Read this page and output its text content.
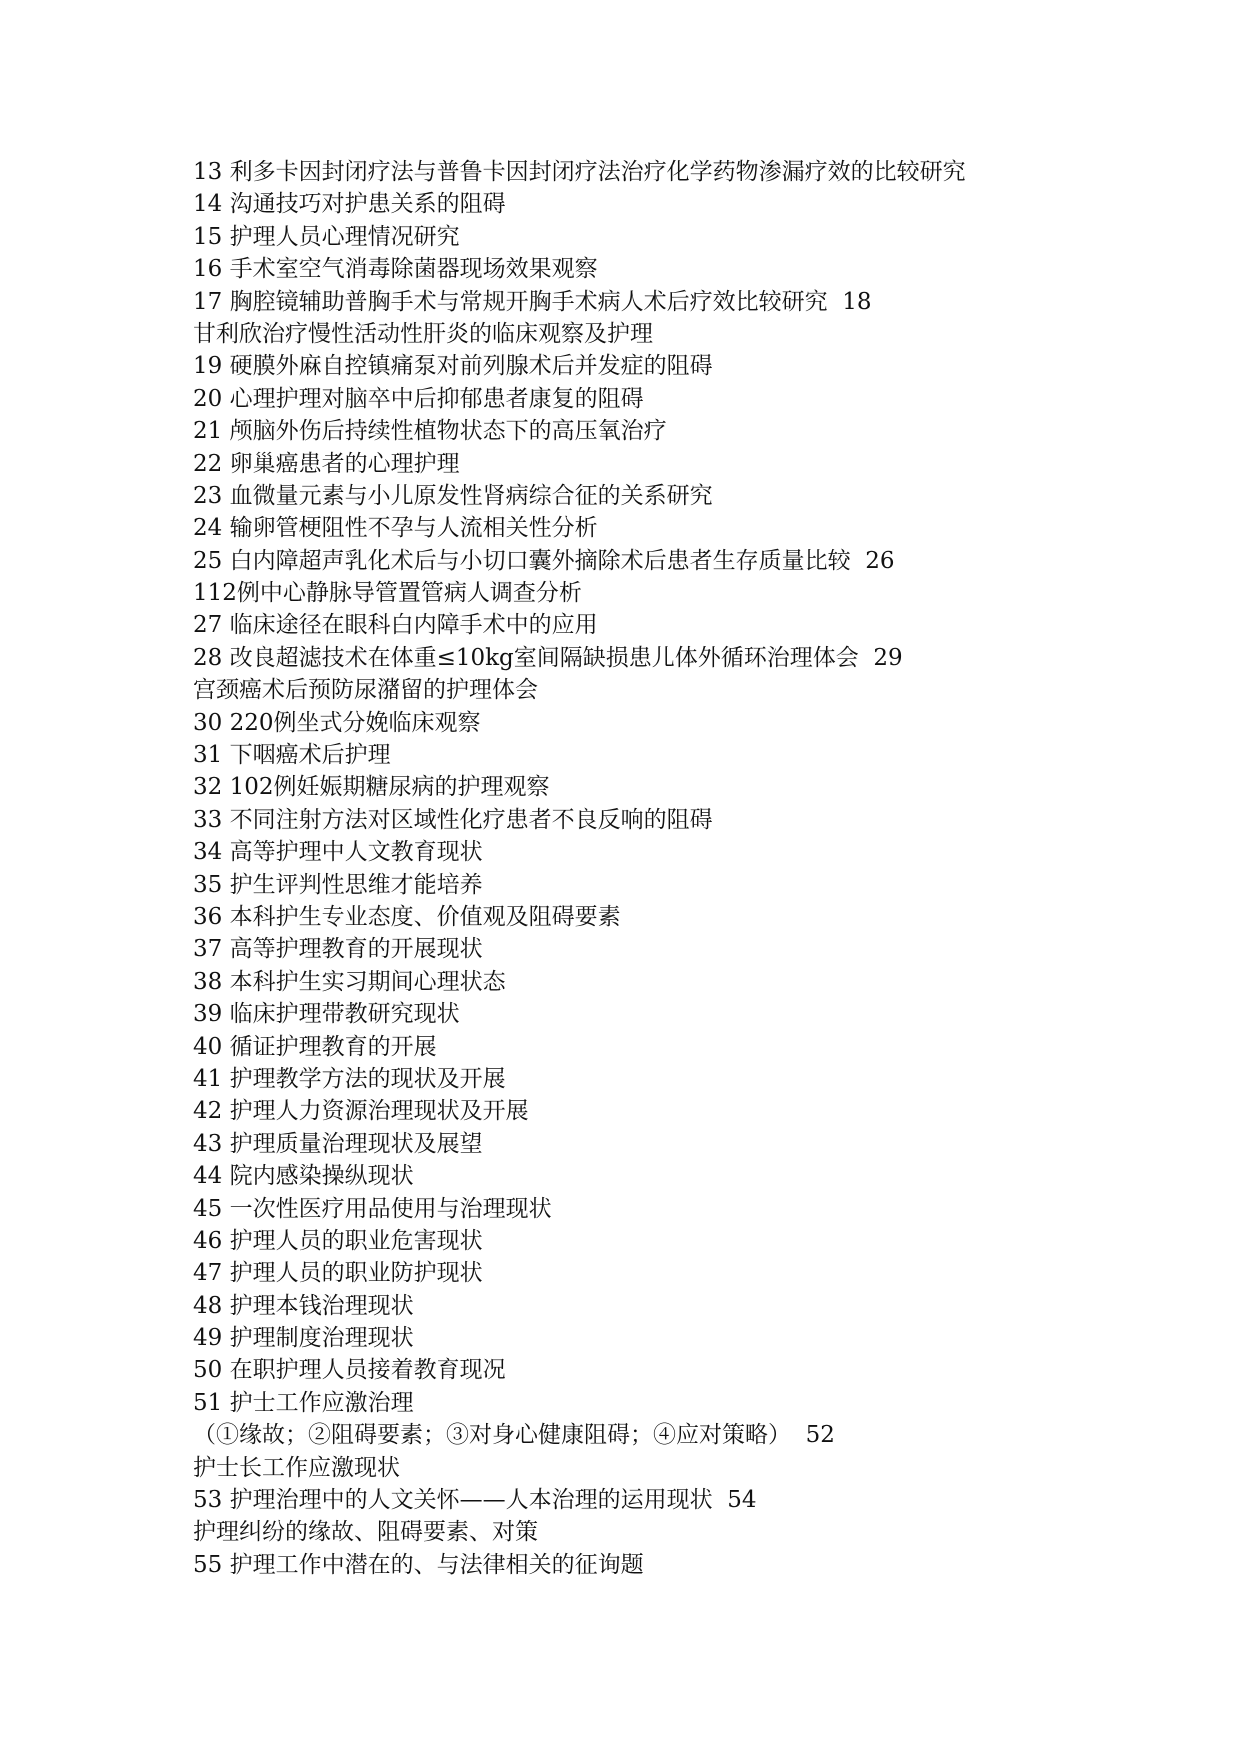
13 利多卡因封闭疗法与普鲁卡因封闭疗法治疗化学药物渗漏疗效的比较研究
14 沟通技巧对护患关系的阻碍
15 护理人员心理情况研究
16 手术室空气消毒除菌器现场效果观察
17 胸腔镜辅助普胸手术与常规开胸手术病人术后疗效比较研究  18
甘利欣治疗慢性活动性肝炎的临床观察及护理
19 硬膜外麻自控镇痛泵对前列腺术后并发症的阻碍
20 心理护理对脑卒中后抑郁患者康复的阻碍
21 颅脑外伤后持续性植物状态下的高压氧治疗
22 卵巢癌患者的心理护理
23 血微量元素与小儿原发性肾病综合征的关系研究
24 输卵管梗阻性不孕与人流相关性分析
25 白内障超声乳化术后与小切口囊外摘除术后患者生存质量比较  26
112例中心静脉导管置管病人调查分析
27 临床途径在眼科白内障手术中的应用
28 改良超滤技术在体重≤10kg室间隔缺损患儿体外循环治理体会  29
宫颈癌术后预防尿潴留的护理体会
30 220例坐式分娩临床观察
31 下咽癌术后护理
32 102例妊娠期糖尿病的护理观察
33 不同注射方法对区域性化疗患者不良反响的阻碍
34 高等护理中人文教育现状
35 护生评判性思维才能培养
36 本科护生专业态度、价值观及阻碍要素
37 高等护理教育的开展现状
38 本科护生实习期间心理状态
39 临床护理带教研究现状
40 循证护理教育的开展
41 护理教学方法的现状及开展
42 护理人力资源治理现状及开展
43 护理质量治理现状及展望
44 院内感染操纵现状
45 一次性医疗用品使用与治理现状
46 护理人员的职业危害现状
47 护理人员的职业防护现状
48 护理本钱治理现状
49 护理制度治理现状
50 在职护理人员接着教育现况
51 护士工作应激治理
（①缘故；②阻碍要素；③对身心健康阻碍；④应对策略）  52
护士长工作应激现状
53 护理治理中的人文关怀——人本治理的运用现状  54
护理纠纷的缘故、阻碍要素、对策
55 护理工作中潜在的、与法律相关的征询题
